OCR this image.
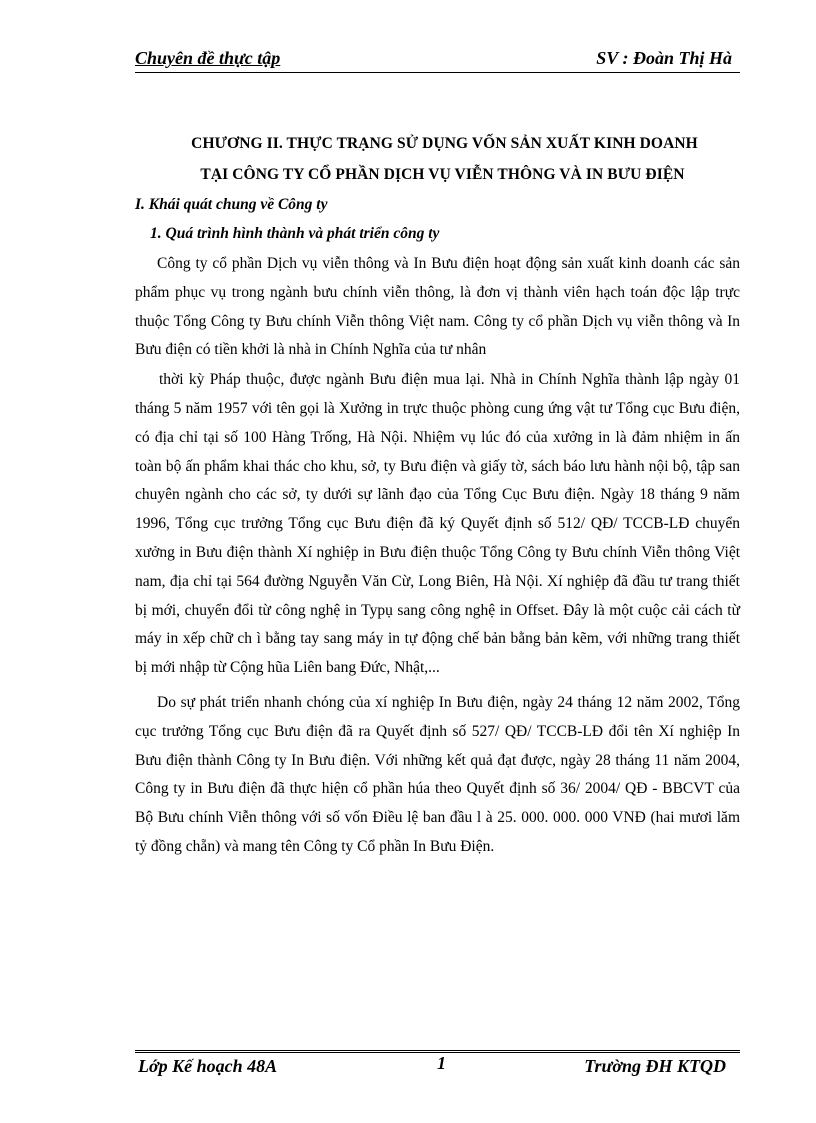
Chuyên đề thực tập	SV : Đoàn Thị Hà
CHƯƠNG II. THỰC TRẠNG SỬ DỤNG VỐN SẢN XUẤT KINH DOANH
TẠI CÔNG TY CỔ PHẦN DỊCH VỤ VIỄN THÔNG VÀ IN BƯU ĐIỆN

I. Khái quát chung về Công ty

1. Quá trình hình thành và phát triển công ty

Công ty cổ phần Dịch vụ viễn thông và In Bưu điện hoạt động sản xuất kinh doanh các sản phẩm phục vụ trong ngành bưu chính viễn thông, là đơn vị thành viên hạch toán độc lập trực thuộc Tổng Công ty Bưu chính Viễn thông Việt nam. Công ty cổ phần Dịch vụ viễn thông và In Bưu điện có tiền khởi là nhà in Chính Nghĩa của tư nhân

thời kỳ Pháp thuộc, được ngành Bưu điện mua lại. Nhà in Chính Nghĩa thành lập ngày 01 tháng 5 năm 1957 với tên gọi là Xưởng in trực thuộc phòng cung ứng vật tư Tổng cục Bưu điện, có địa chỉ tại số 100 Hàng Trống, Hà Nội. Nhiệm vụ lúc đó của xưởng in là đảm nhiệm in ấn toàn bộ ấn phẩm khai thác cho khu, sở, ty Bưu điện và giấy tờ, sách báo lưu hành nội bộ, tập san chuyên ngành cho các sở, ty dưới sự lãnh đạo của Tổng Cục Bưu điện. Ngày 18 tháng 9 năm 1996, Tổng cục trưởng Tổng cục Bưu điện đã ký Quyết định số 512/ QĐ/ TCCB-LĐ chuyển xưởng in Bưu điện thành Xí nghiệp in Bưu điện thuộc Tổng Công ty Bưu chính Viễn thông Việt nam, địa chỉ tại 564 đường Nguyễn Văn Cừ, Long Biên, Hà Nội. Xí nghiệp đã đầu tư trang thiết bị mới, chuyển đổi từ công nghệ in Typụ sang công nghệ in Offset. Đây là một cuộc cải cách từ máy in xếp chữ ch ì bằng tay sang máy in tự động chế bản bằng bản kẽm, với những trang thiết bị mới nhập từ Cộng hũa Liên bang Đức, Nhật,...

Do sự phát triển nhanh chóng của xí nghiệp In Bưu điện, ngày 24 tháng 12 năm 2002, Tổng cục trưởng Tổng cục Bưu điện đã ra Quyết định số 527/ QĐ/ TCCB-LĐ đổi tên Xí nghiệp In Bưu điện thành Công ty In Bưu điện. Với những kết quả đạt được, ngày 28 tháng 11 năm 2004, Công ty in Bưu điện đã thực hiện cổ phần húa theo Quyết định số 36/ 2004/ QĐ - BBCVT của Bộ Bưu chính Viễn thông với số vốn Điều lệ ban đầu l à 25. 000. 000. 000 VNĐ (hai mươi lăm tỷ đồng chẵn) và mang tên Công ty Cổ phần In Bưu Điện.

Lớp Kế hoạch 48A	1	Trường ĐH KTQD
